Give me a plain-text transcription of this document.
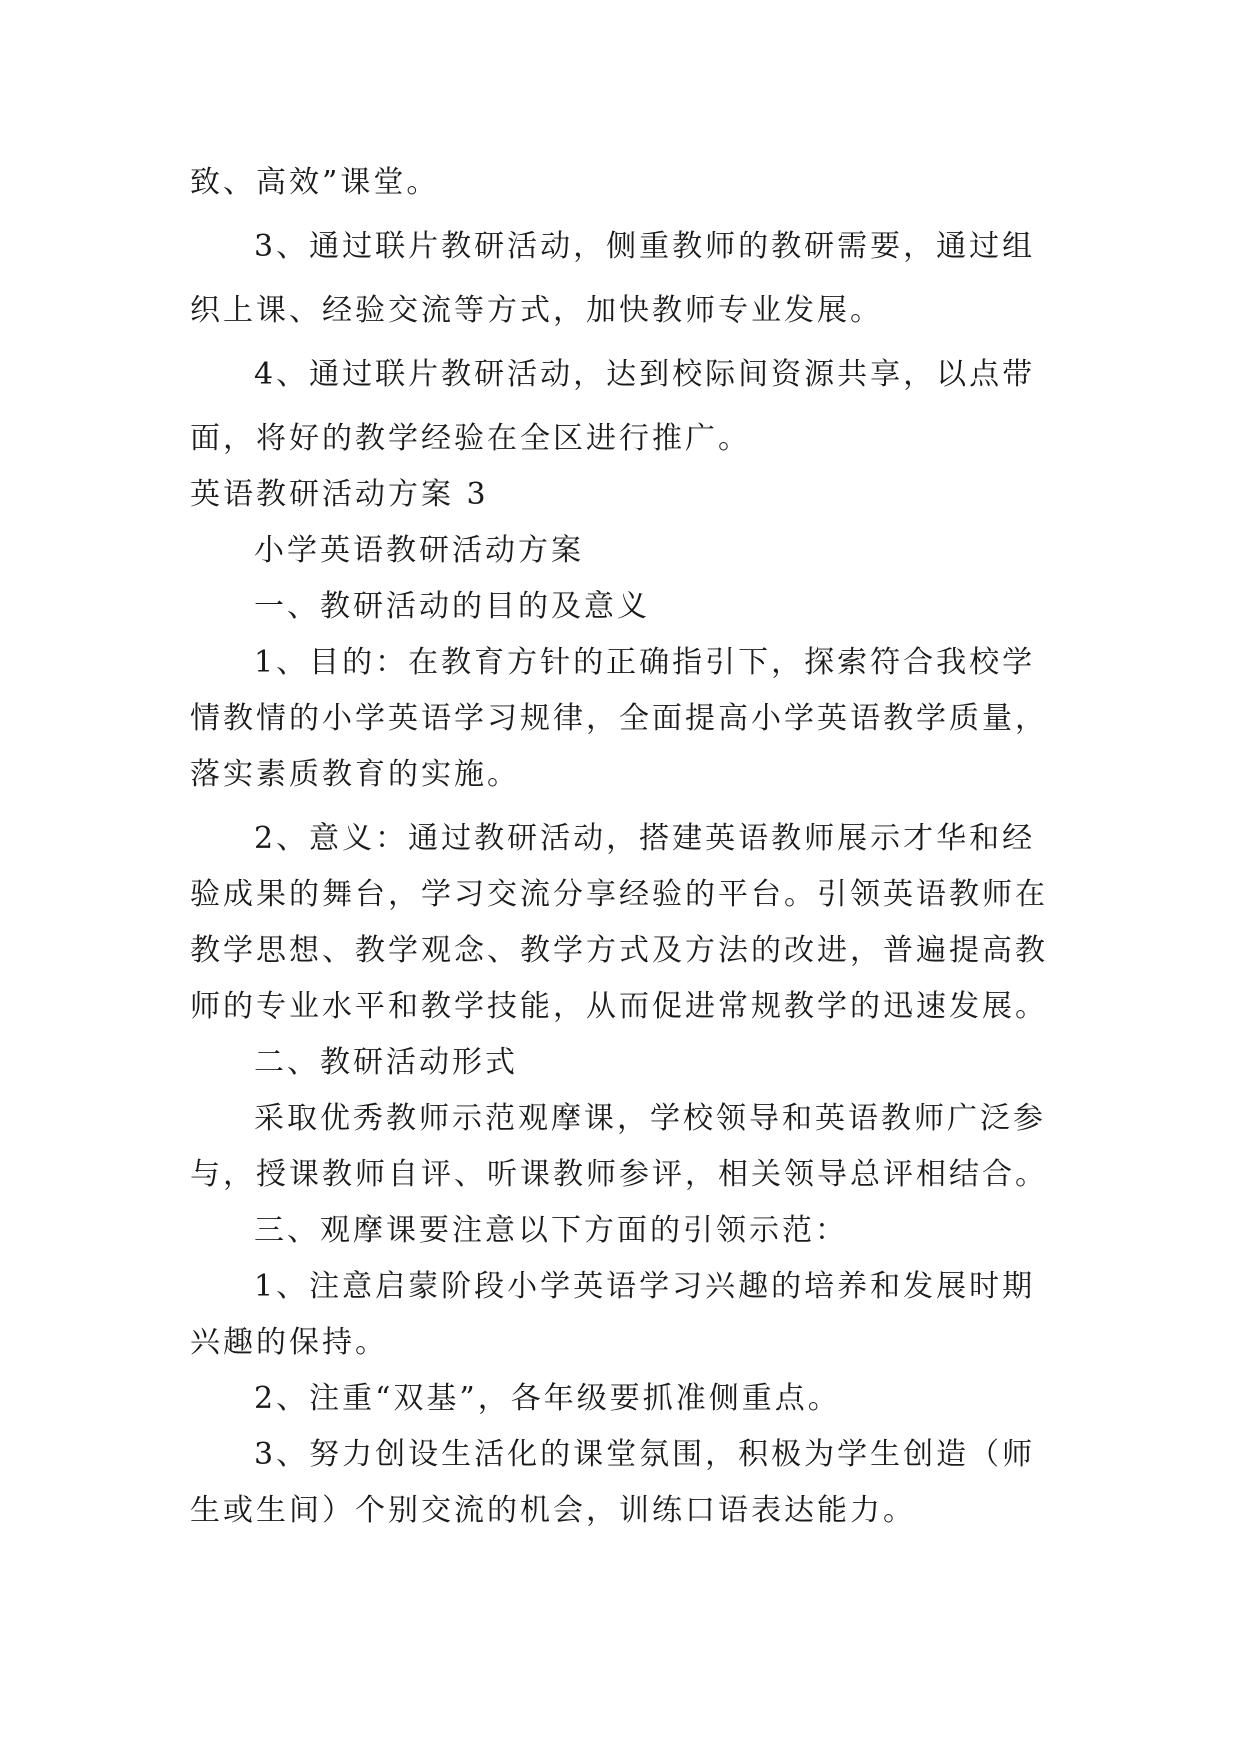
致、高效”课堂。
3、通过联片教研活动，侧重教师的教研需要，通过组
织上课、经验交流等方式，加快教师专业发展。
4、通过联片教研活动，达到校际间资源共享，以点带
面，将好的教学经验在全区进行推广。
英语教研活动方案 3
小学英语教研活动方案
一、教研活动的目的及意义
1、目的：在教育方针的正确指引下，探索符合我校学
情教情的小学英语学习规律，全面提高小学英语教学质量，
落实素质教育的实施。
2、意义：通过教研活动，搭建英语教师展示才华和经
验成果的舞台，学习交流分享经验的平台。引领英语教师在
教学思想、教学观念、教学方式及方法的改进，普遍提高教
师的专业水平和教学技能，从而促进常规教学的迅速发展。
二、教研活动形式
采取优秀教师示范观摩课，学校领导和英语教师广泛参
与，授课教师自评、听课教师参评，相关领导总评相结合。
三、观摩课要注意以下方面的引领示范：
1、注意启蒙阶段小学英语学习兴趣的培养和发展时期
兴趣的保持。
2、注重“双基”，各年级要抓准侧重点。
3、努力创设生活化的课堂氛围，积极为学生创造（师
生或生间）个别交流的机会，训练口语表达能力。
